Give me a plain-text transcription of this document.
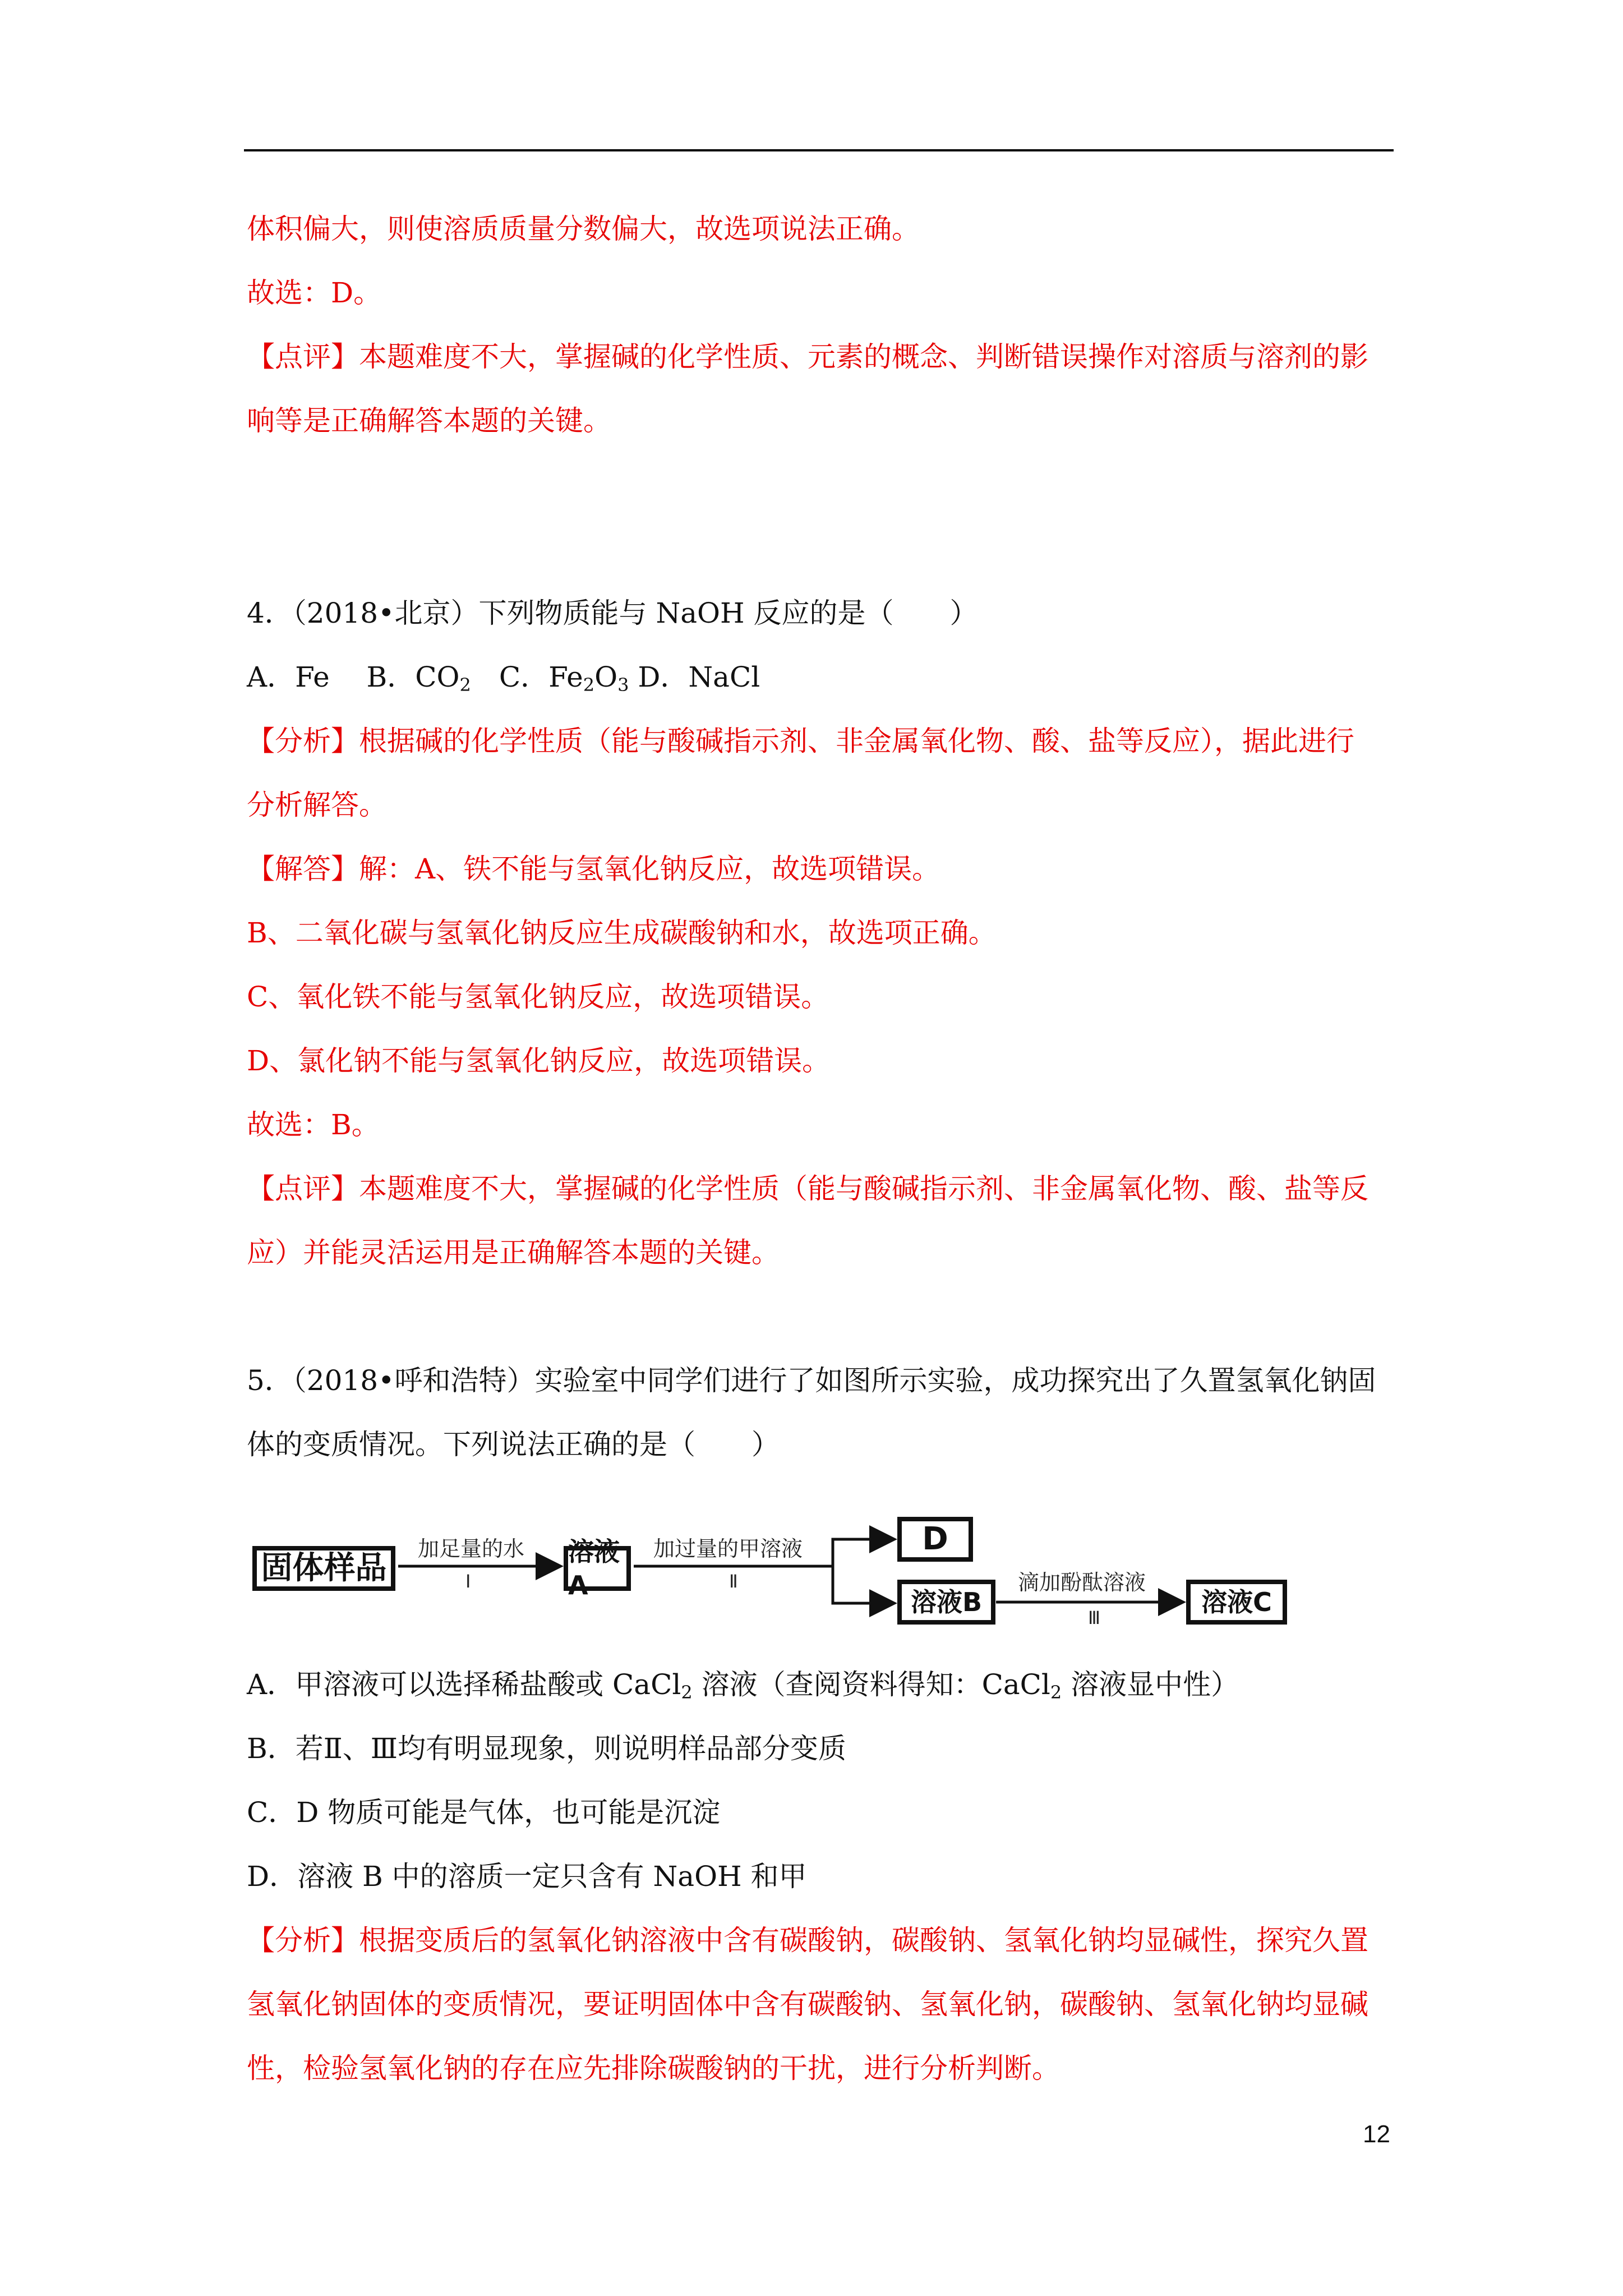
体积偏大，则使溶质质量分数偏大，故选项说法正确。
故选：D。
【点评】本题难度不大，掌握碱的化学性质、元素的概念、判断错误操作对溶质与溶剂的影
响等是正确解答本题的关键。
4．（2018•北京）下列物质能与 NaOH 反应的是（　　）
A．Fe　 B．$CO_2$　C．$Fe_2O_3$ D．NaCl
【分析】根据碱的化学性质（能与酸碱指示剂、非金属氧化物、酸、盐等反应），据此进行
分析解答。
【解答】解：A、铁不能与氢氧化钠反应，故选项错误。
B、二氧化碳与氢氧化钠反应生成碳酸钠和水，故选项正确。
C、氧化铁不能与氢氧化钠反应，故选项错误。
D、氯化钠不能与氢氧化钠反应，故选项错误。
故选：B。
【点评】本题难度不大，掌握碱的化学性质（能与酸碱指示剂、非金属氧化物、酸、盐等反
应）并能灵活运用是正确解答本题的关键。
5．（2018•呼和浩特）实验室中同学们进行了如图所示实验，成功探究出了久置氢氧化钠固
体的变质情况。下列说法正确的是（　　）
固体样品
加足量的水
Ⅰ
溶液A
加过量的甲溶液
Ⅱ
D
溶液B
滴加酚酞溶液
Ⅲ
溶液C
A．甲溶液可以选择稀盐酸或 CaCl$_2$ 溶液（查阅资料得知：CaCl$_2$ 溶液显中性）
B．若Ⅱ、Ⅲ均有明显现象，则说明样品部分变质
C．D 物质可能是气体，也可能是沉淀
D．溶液 B 中的溶质一定只含有 NaOH 和甲
【分析】根据变质后的氢氧化钠溶液中含有碳酸钠，碳酸钠、氢氧化钠均显碱性，探究久置
氢氧化钠固体的变质情况，要证明固体中含有碳酸钠、氢氧化钠，碳酸钠、氢氧化钠均显碱
性，检验氢氧化钠的存在应先排除碳酸钠的干扰，进行分析判断。
12
